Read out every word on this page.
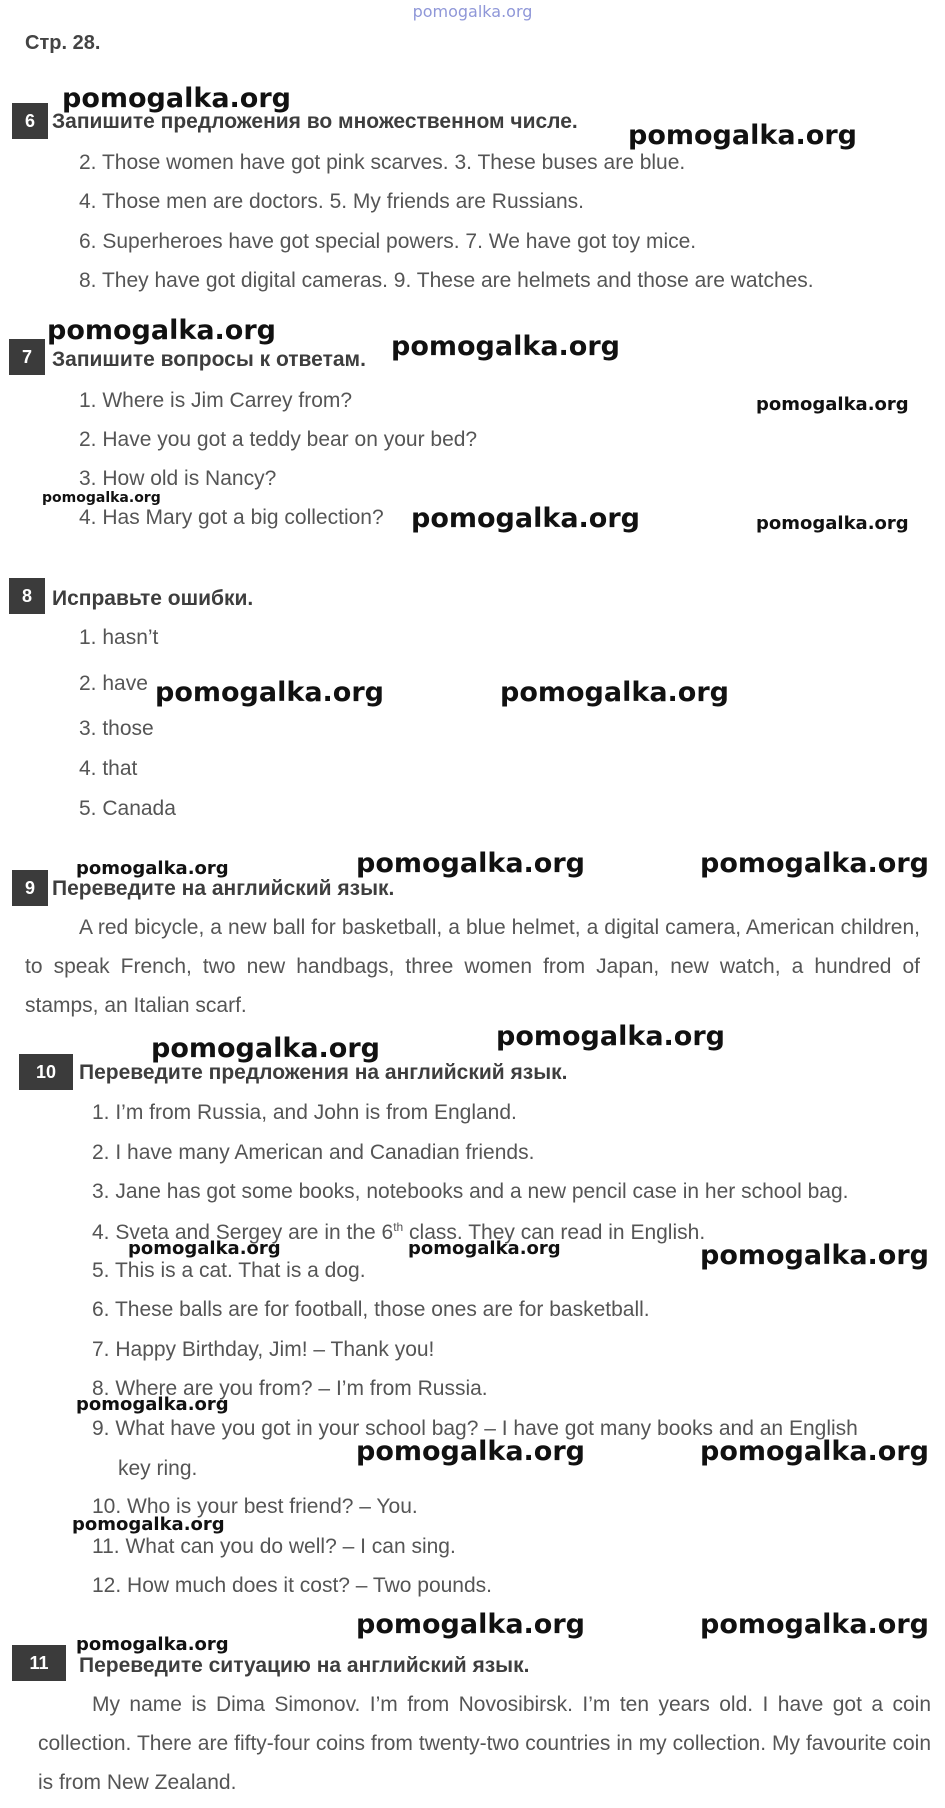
pomogalka.org
Стр. 28.
6 Запишите предложения во множественном числе.
2. Those women have got pink scarves. 3. These buses are blue.
4. Those men are doctors. 5. My friends are Russians.
6. Superheroes have got special powers. 7. We have got toy mice.
8. They have got digital cameras. 9. These are helmets and those are watches.
7 Запишите вопросы к ответам.
1. Where is Jim Carrey from?
2. Have you got a teddy bear on your bed?
3. How old is Nancy?
4. Has Mary got a big collection?
8 Исправьте ошибки.
1. hasn’t
2. have
3. those
4. that
5. Canada
9 Переведите на английский язык.
A red bicycle, a new ball for basketball, a blue helmet, a digital camera, American children, to speak French, two new handbags, three women from Japan, new watch, a hundred of stamps, an Italian scarf.
10	Переведите предложения на английский язык.
1. I’m from Russia, and John is from England.
2. I have many American and Canadian friends.
3. Jane has got some books, notebooks and a new pencil case in her school bag.
4. Sveta and Sergey are in the 6th class. They can read in English.
5. This is a cat. That is a dog.
6. These balls are for football, those ones are for basketball.
7. Happy Birthday, Jim! – Thank you!
8. Where are you from? – I’m from Russia.
9. What have you got in your school bag? – I have got many books and an English
key ring.
10. Who is your best friend? – You.
11. What can you do well? – I can sing.
12. How much does it cost? – Two pounds.
11	Переведите ситуацию на английский язык.
My name is Dima Simonov. I’m from Novosibirsk. I’m ten years old. I have got a coin collection. There are fifty-four coins from twenty-two countries in my collection. My favourite coin is from New Zealand.
pomogalka.org
pomogalka.org
pomogalka.org
pomogalka.org
pomogalka.org
pomogalka.org
pomogalka.org	pomogalka.org
pomogalka.org	pomogalka.org
pomogalka.org	pomogalka.org	pomogalka.org
pomogalka.org	pomogalka.org
pomogalka.org	pomogalka.org	pomogalka.org
pomogalka.org
pomogalka.org	pomogalka.org
pomogalka.org
pomogalka.org
pomogalka.org	pomogalka.org
